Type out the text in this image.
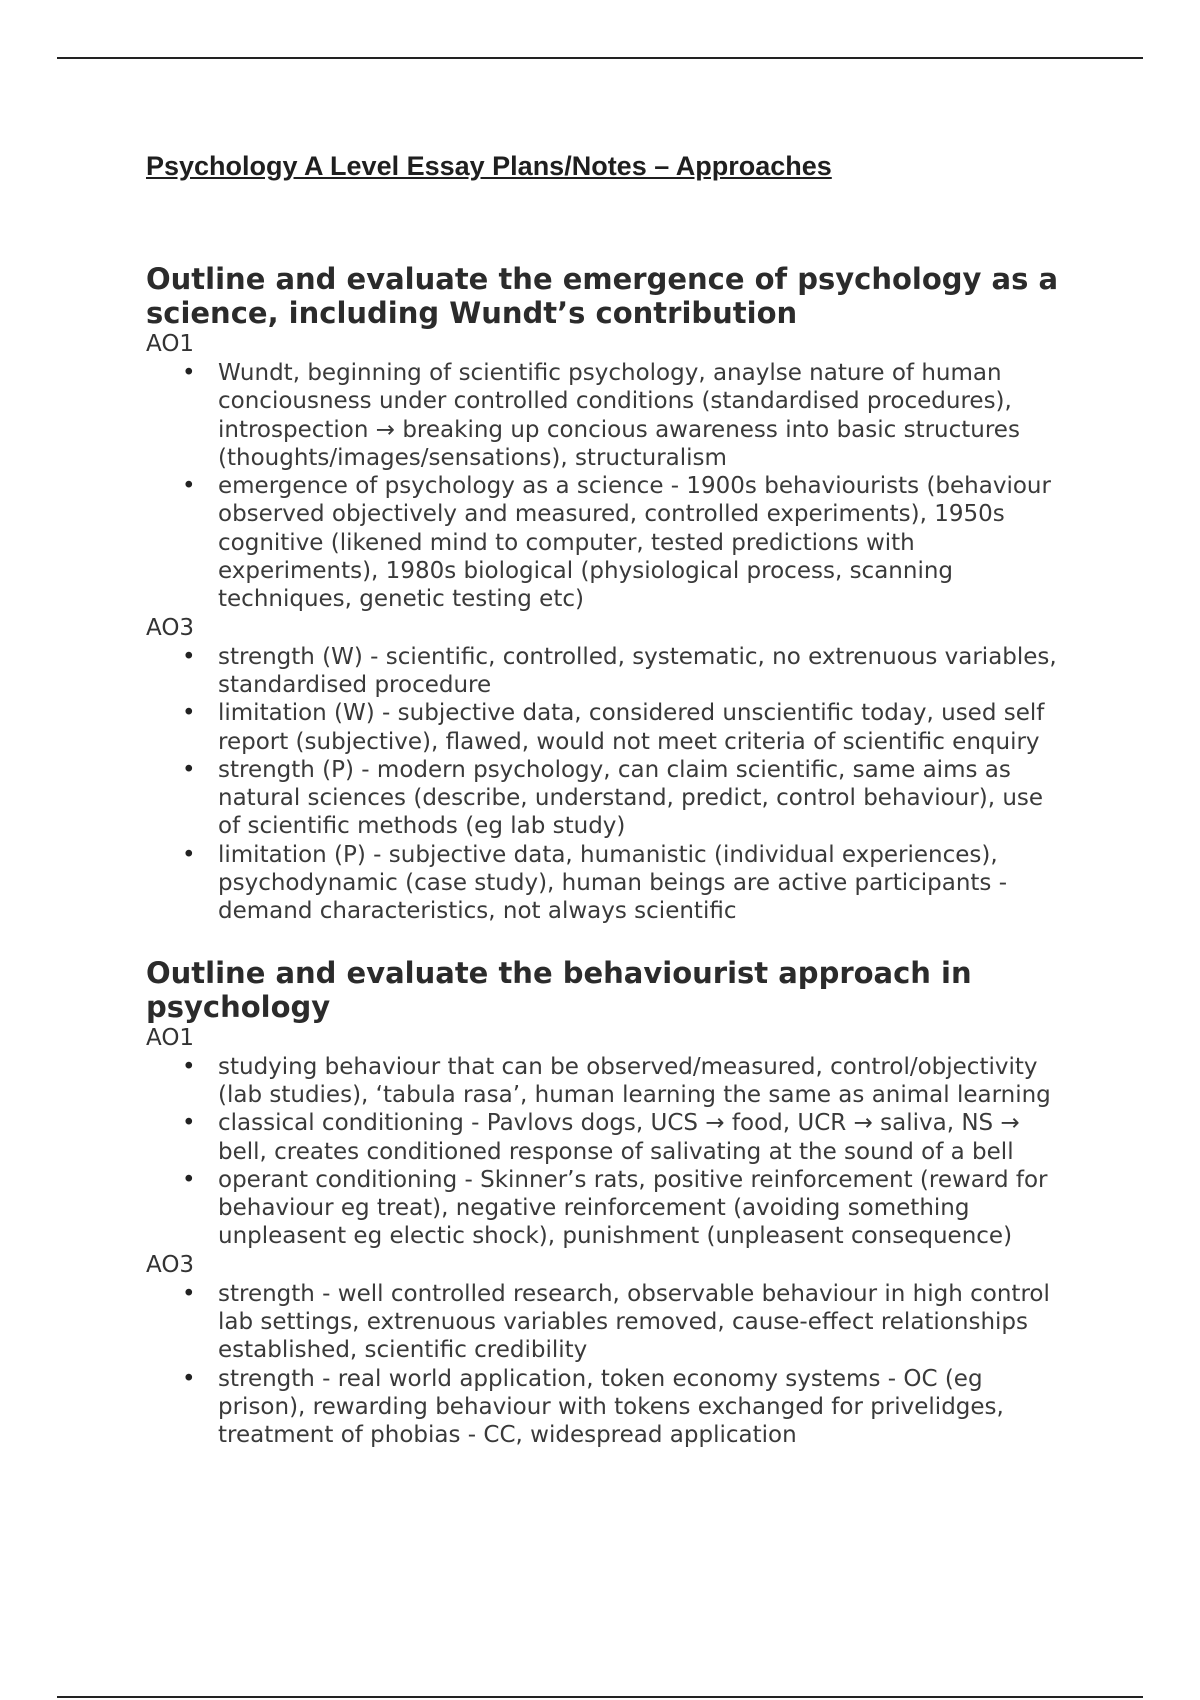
Psychology A Level Essay Plans/Notes – Approaches
Outline and evaluate the emergence of psychology as a science, including Wundt’s contribution
AO1
• Wundt, beginning of scientific psychology, anaylse nature of human conciousness under controlled conditions (standardised procedures), introspection → breaking up concious awareness into basic structures (thoughts/images/sensations), structuralism
• emergence of psychology as a science - 1900s behaviourists (behaviour observed objectively and measured, controlled experiments), 1950s cognitive (likened mind to computer, tested predictions with experiments), 1980s biological (physiological process, scanning techniques, genetic testing etc)
AO3
• strength (W) - scientific, controlled, systematic, no extrenuous variables, standardised procedure
• limitation (W) - subjective data, considered unscientific today, used self report (subjective), flawed, would not meet criteria of scientific enquiry
• strength (P) - modern psychology, can claim scientific, same aims as natural sciences (describe, understand, predict, control behaviour), use of scientific methods (eg lab study)
• limitation (P) - subjective data, humanistic (individual experiences), psychodynamic (case study), human beings are active participants - demand characteristics, not always scientific
Outline and evaluate the behaviourist approach in psychology
AO1
• studying behaviour that can be observed/measured, control/objectivity (lab studies), ‘tabula rasa’, human learning the same as animal learning
• classical conditioning - Pavlovs dogs, UCS → food, UCR → saliva, NS → bell, creates conditioned response of salivating at the sound of a bell
• operant conditioning - Skinner’s rats, positive reinforcement (reward for behaviour eg treat), negative reinforcement (avoiding something unpleasent eg electic shock), punishment (unpleasent consequence)
AO3
• strength - well controlled research, observable behaviour in high control lab settings, extrenuous variables removed, cause-effect relationships established, scientific credibility
• strength - real world application, token economy systems - OC (eg prison), rewarding behaviour with tokens exchanged for privelidges, treatment of phobias - CC, widespread application
